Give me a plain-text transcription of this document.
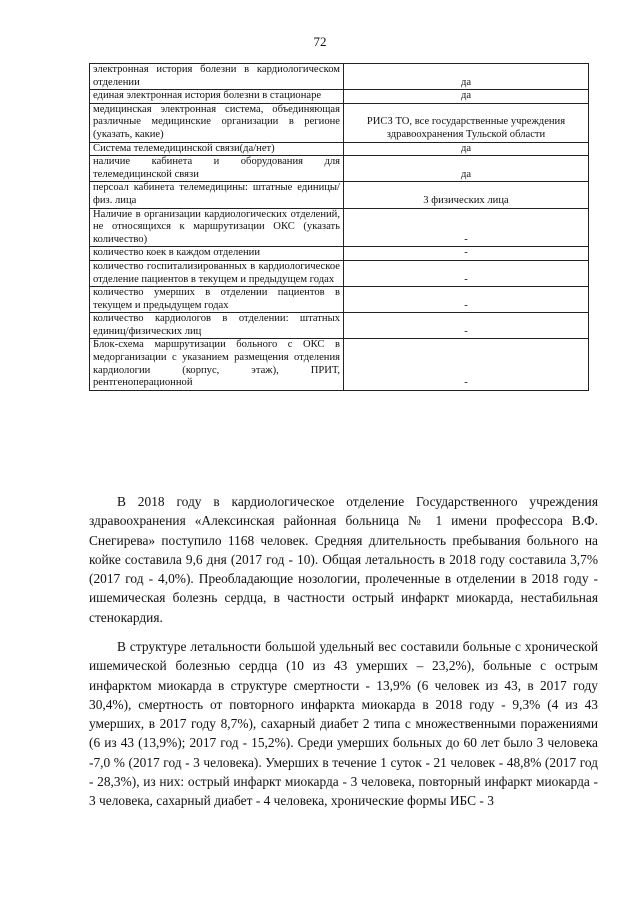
72
электронная история болезни в кардиологическом отделении	да
единая электронная история болезни в стационаре	да
медицинская электронная система, объединяющая различные медицинские организации в регионе (указать, какие)	РИСЗ ТО, все государственные учреждения здравоохранения Тульской области
Система телемедицинской связи(да/нет)	да
наличие кабинета и оборудования для телемедицинской связи	да
персоал кабинета телемедицины: штатные единицы/физ. лица	3 физических лица
Наличие в организации кардиологических отделений, не относящихся к маршрутизации ОКС (указать количество)	-
количество коек в каждом отделении	-
количество госпитализированных в кардиологическое отделение пациентов в текущем и предыдущем годах	-
количество умерших в отделении пациентов в текущем и предыдущем годах	-
количество кардиологов в отделении: штатных единиц/физических лиц	-
Блок-схема маршрутизации больного с ОКС в медорганизации с указанием размещения отделения кардиологии (корпус, этаж), ПРИТ, рентгеноперационной	-

В 2018 году в кардиологическое отделение Государственного учреждения здравоохранения «Алексинская районная больница № 1 имени профессора В.Ф. Снегирева» поступило 1168 человек. Средняя длительность пребывания больного на койке составила 9,6 дня (2017 год - 10). Общая летальность в 2018 году составила 3,7% (2017 год - 4,0%). Преобладающие нозологии, пролеченные в отделении в 2018 году - ишемическая болезнь сердца, в частности острый инфаркт миокарда, нестабильная стенокардия.

В структуре летальности большой удельный вес составили больные с хронической ишемической болезнью сердца (10 из 43 умерших – 23,2%), больные с острым инфарктом миокарда в структуре смертности - 13,9% (6 человек из 43, в 2017 году 30,4%), смертность от повторного инфаркта миокарда в 2018 году - 9,3% (4 из 43 умерших, в 2017 году 8,7%), сахарный диабет 2 типа с множественными поражениями (6 из 43 (13,9%); 2017 год - 15,2%). Среди умерших больных до 60 лет было 3 человека -7,0 % (2017 год - 3 человека). Умерших в течение 1 суток - 21 человек - 48,8% (2017 год - 28,3%), из них: острый инфаркт миокарда - 3 человека, повторный инфаркт миокарда - 3 человека, сахарный диабет - 4 человека, хронические формы ИБС - 3
